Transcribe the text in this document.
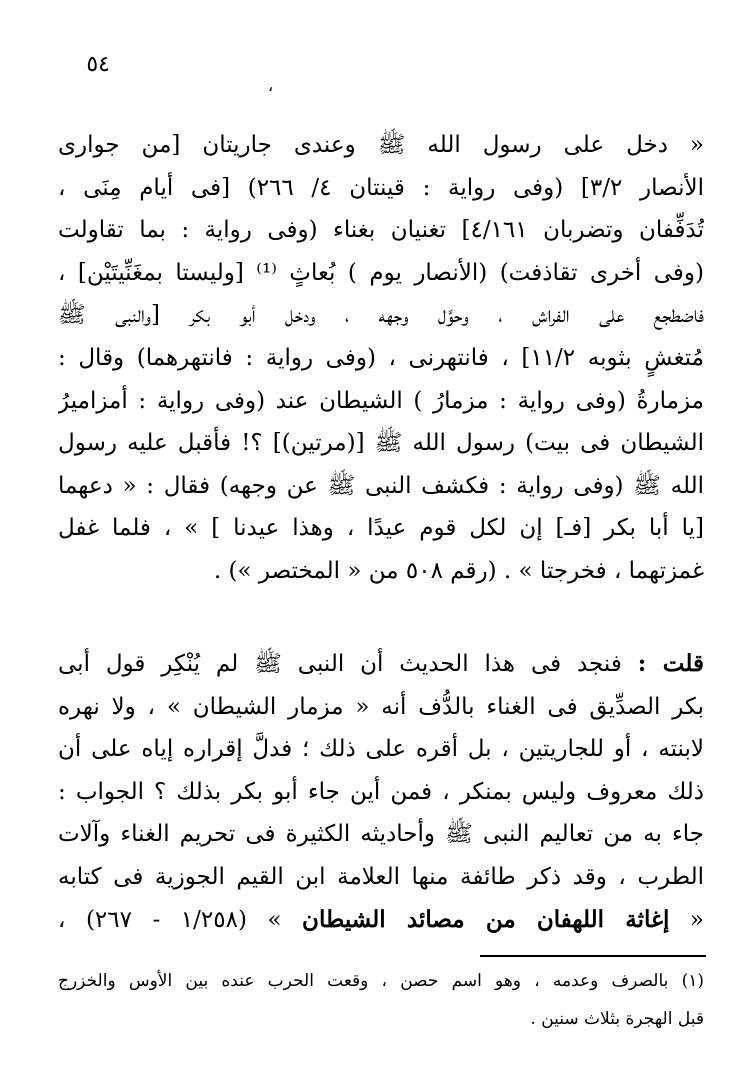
٥٤
،
« دخل على رسول الله ﷺ وعندى جاريتان [من جوارى
الأنصار ٣/٢] (وفى رواية : قينتان ٤/ ٢٦٦) [فى أيام مِنَى ،
تُدَفِّفان وتضربان ٤/١٦١] تغنيان بغناء (وفى رواية : بما تقاولت
(وفى أخرى تقاذفت) (الأنصار يوم ) بُعاثٍ ⁽¹⁾ [وليستا بمغَنِّيتَيْن] ،
فاضطجع على الفراش ، وحوَّل وجهه ، ودخل أبو بكر [والنبى ﷺ
مُتغشٍ بثوبه ١١/٢] ، فانتهرنى ، (وفى رواية : فانتهرهما) وقال :
مزمارةُ (وفى رواية : مزمارُ ) الشيطان عند (وفى رواية : أمزاميرُ
الشيطان فى بيت) رسول الله ﷺ [(مرتين)] ؟! فأقبل عليه رسول
الله ﷺ (وفى رواية : فكشف النبى ﷺ عن وجهه) فقال : « دعهما
[يا أبا بكر [فـ] إن لكل قوم عيدًا ، وهذا عيدنا ] » ، فلما غفل
غمزتهما ، فخرجتا » . (رقم ٥٠٨ من « المختصر ») .
قلت : فنجد فى هذا الحديث أن النبى ﷺ لم يُنْكِر قول أبى
بكر الصدِّيق فى الغناء بالدُّف أنه « مزمار الشيطان » ، ولا نهره
لابنته ، أو للجاريتين ، بل أقره على ذلك ؛ فدلَّ إقراره إياه على أن
ذلك معروف وليس بمنكر ، فمن أين جاء أبو بكر بذلك ؟ الجواب :
جاء به من تعاليم النبى ﷺ وأحاديثه الكثيرة فى تحريم الغناء وآلات
الطرب ، وقد ذكر طائفة منها العلامة ابن القيم الجوزية فى كتابه
« إغاثة اللهفان من مصائد الشيطان » (١/٢٥٨ - ٢٦٧) ،
(١) بالصرف وعدمه ، وهو اسم حصن ، وقعت الحرب عنده بين الأوس والخزرج
قبل الهجرة بثلاث سنين .
